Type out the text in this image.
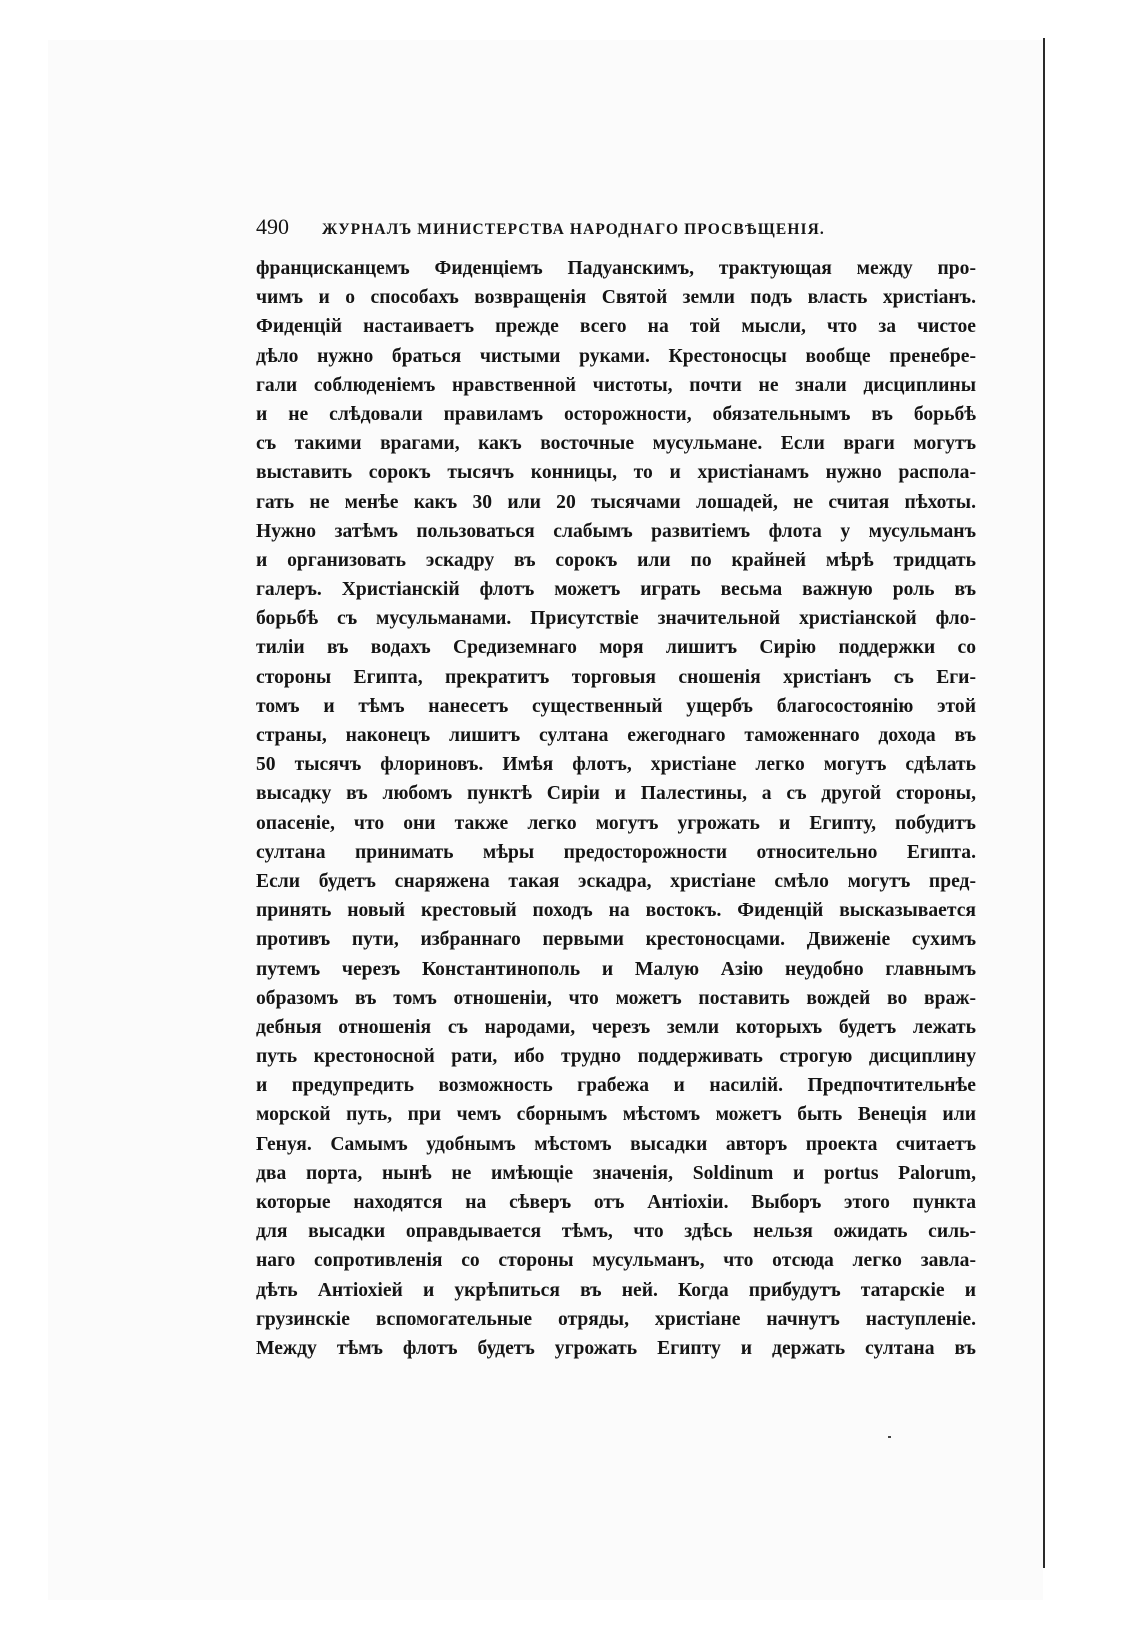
490 ЖУРНАЛЪ МИНИСТЕРСТВА НАРОДНАГО ПРОСВѢЩЕНІЯ.
францисканцемъ Фиденціемъ Падуанскимъ, трактующая между про-
чимъ и о способахъ возвращенія Святой земли подъ власть христіанъ.
Фиденцій настаиваетъ прежде всего на той мысли, что за чистое
дѣло нужно браться чистыми руками. Крестоносцы вообще пренебре-
гали соблюденіемъ нравственной чистоты, почти не знали дисциплины
и не слѣдовали правиламъ осторожности, обязательнымъ въ борьбѣ
съ такими врагами, какъ восточные мусульмане. Если враги могутъ
выставить сорокъ тысячъ конницы, то и христіанамъ нужно распола-
гать не менѣе какъ 30 или 20 тысячами лошадей, не считая пѣхоты.
Нужно затѣмъ пользоваться слабымъ развитіемъ флота у мусульманъ
и организовать эскадру въ сорокъ или по крайней мѣрѣ тридцать
галеръ. Христіанскій флотъ можетъ играть весьма важную роль въ
борьбѣ съ мусульманами. Присутствіе значительной христіанской фло-
тиліи въ водахъ Средиземнаго моря лишитъ Сирію поддержки со
стороны Египта, прекратитъ торговыя сношенія христіанъ съ Еги-
томъ и тѣмъ нанесетъ существенный ущербъ благосостоянію этой
страны, наконецъ лишитъ султана ежегоднаго таможеннаго дохода въ
50 тысячъ флориновъ. Имѣя флотъ, христіане легко могутъ сдѣлать
высадку въ любомъ пунктѣ Сиріи и Палестины, а съ другой стороны,
опасеніе, что они также легко могутъ угрожать и Египту, побудитъ
султана принимать мѣры предосторожности относительно Египта.
Если будетъ снаряжена такая эскадра, христіане смѣло могутъ пред-
принять новый крестовый походъ на востокъ. Фиденцій высказывается
противъ пути, избраннаго первыми крестоносцами. Движеніе сухимъ
путемъ черезъ Константинополь и Малую Азію неудобно главнымъ
образомъ въ томъ отношеніи, что можетъ поставить вождей во враж-
дебныя отношенія съ народами, черезъ земли которыхъ будетъ лежать
путь крестоносной рати, ибо трудно поддерживать строгую дисциплину
и предупредить возможность грабежа и насилій. Предпочтительнѣе
морской путь, при чемъ сборнымъ мѣстомъ можетъ быть Венеція или
Генуя. Самымъ удобнымъ мѣстомъ высадки авторъ проекта считаетъ
два порта, нынѣ не имѣющіе значенія, Soldinum и portus Palorum,
которые находятся на сѣверъ отъ Антіохіи. Выборъ этого пункта
для высадки оправдывается тѣмъ, что здѣсь нельзя ожидать силь-
наго сопротивленія со стороны мусульманъ, что отсюда легко завла-
дѣть Антіохіей и укрѣпиться въ ней. Когда прибудутъ татарскіе и
грузинскіе вспомогательные отряды, христіане начнутъ наступленіе.
Между тѣмъ флотъ будетъ угрожать Египту и держать султана въ
